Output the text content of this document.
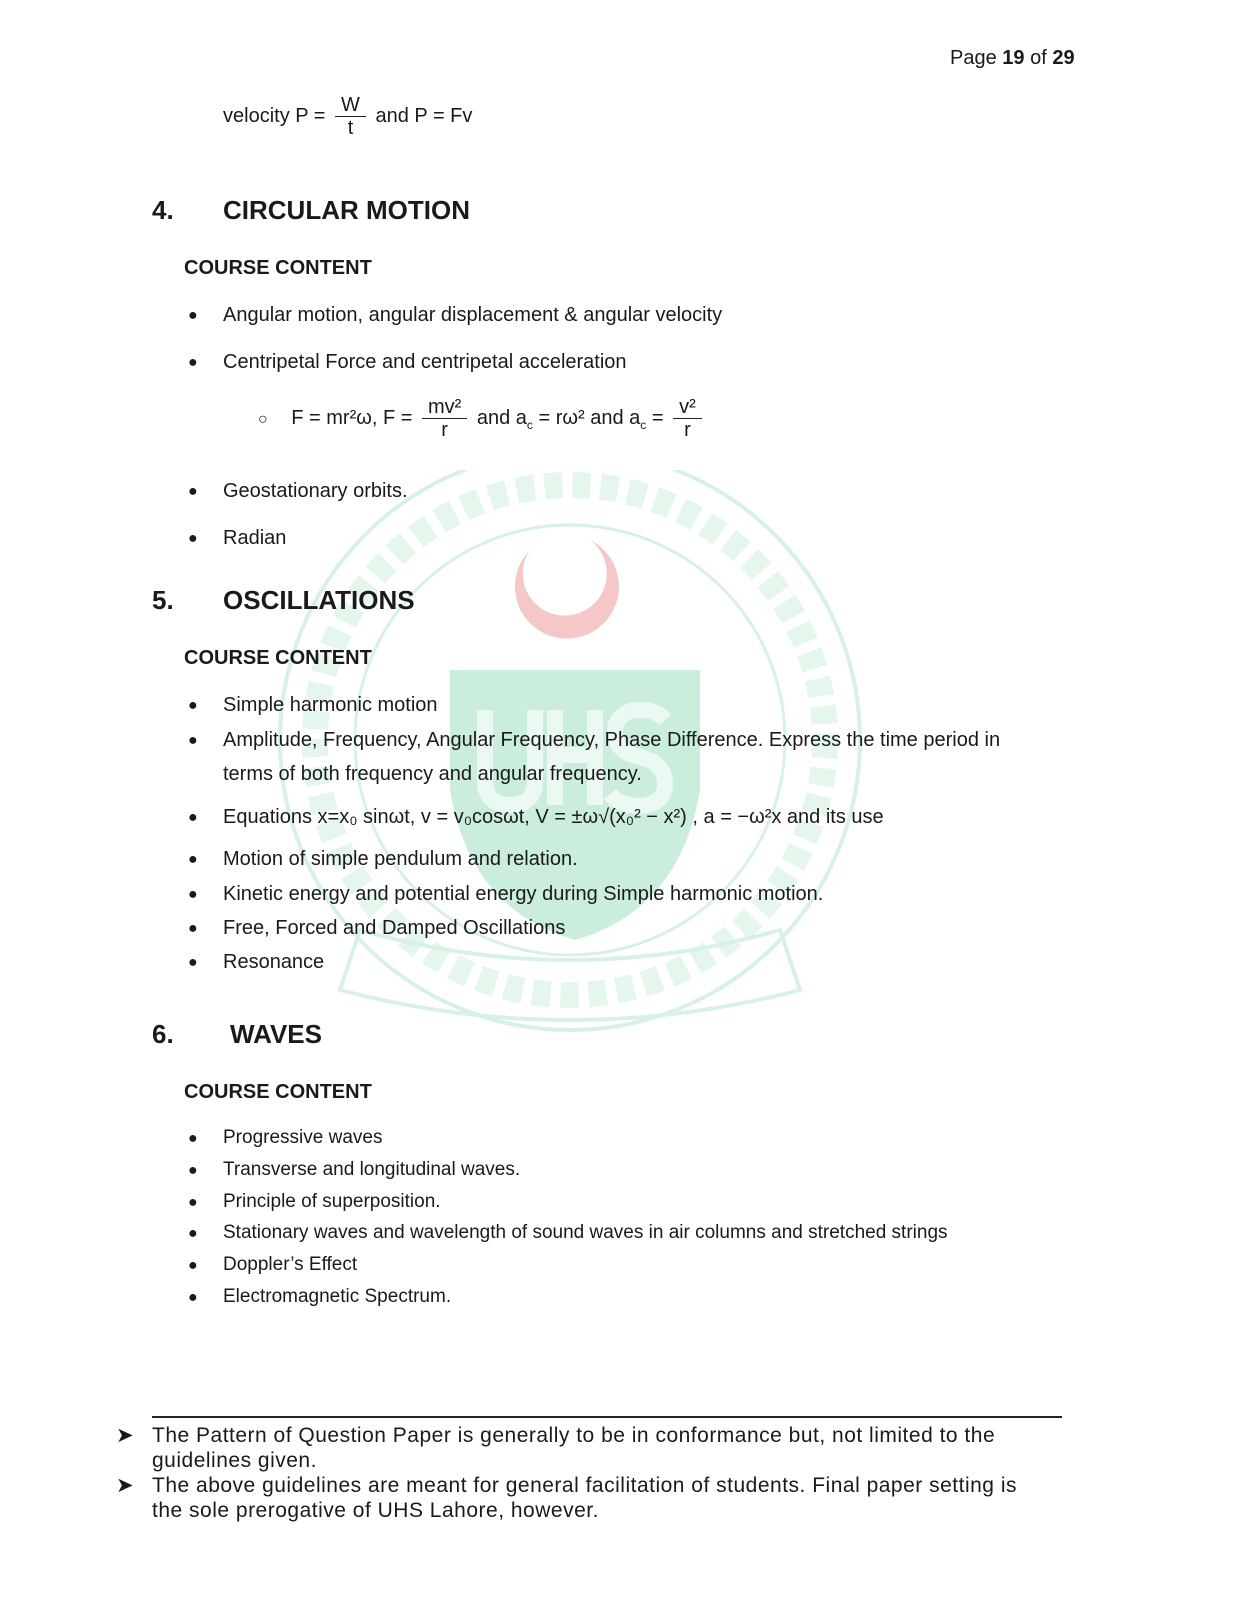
Page 19 of 29
velocity $P = \frac{W}{t}$ and P = Fv
4. CIRCULAR MOTION
COURSE CONTENT
● Angular motion, angular displacement & angular velocity
● Centripetal Force and centripetal acceleration
○ F = mr²ω, $F = \frac{\text{mv²}}{r}$ and $a_c = r\omega^2$ and $a_c = \frac{\text{v²}}{r}$
● Geostationary orbits.
● Radian
5. OSCILLATIONS
COURSE CONTENT
● Simple harmonic motion
● Amplitude, Frequency, Angular Frequency, Phase Difference. Express the time period in
terms of both frequency and angular frequency.
● Equations x=x₀ sinωt, v = v₀cosωt, V = ±ω√(x₀² − x²) , a = −ω²x and its use
● Motion of simple pendulum and relation.
● Kinetic energy and potential energy during Simple harmonic motion.
● Free, Forced and Damped Oscillations
● Resonance
6. WAVES
COURSE CONTENT
● Progressive waves
● Transverse and longitudinal waves.
● Principle of superposition.
● Stationary waves and wavelength of sound waves in air columns and stretched strings
● Doppler’s Effect
● Electromagnetic Spectrum.
➤ The Pattern of Question Paper is generally to be in conformance but, not limited to the
guidelines given.
➤ The above guidelines are meant for general facilitation of students. Final paper setting is
the sole prerogative of UHS Lahore, however.
